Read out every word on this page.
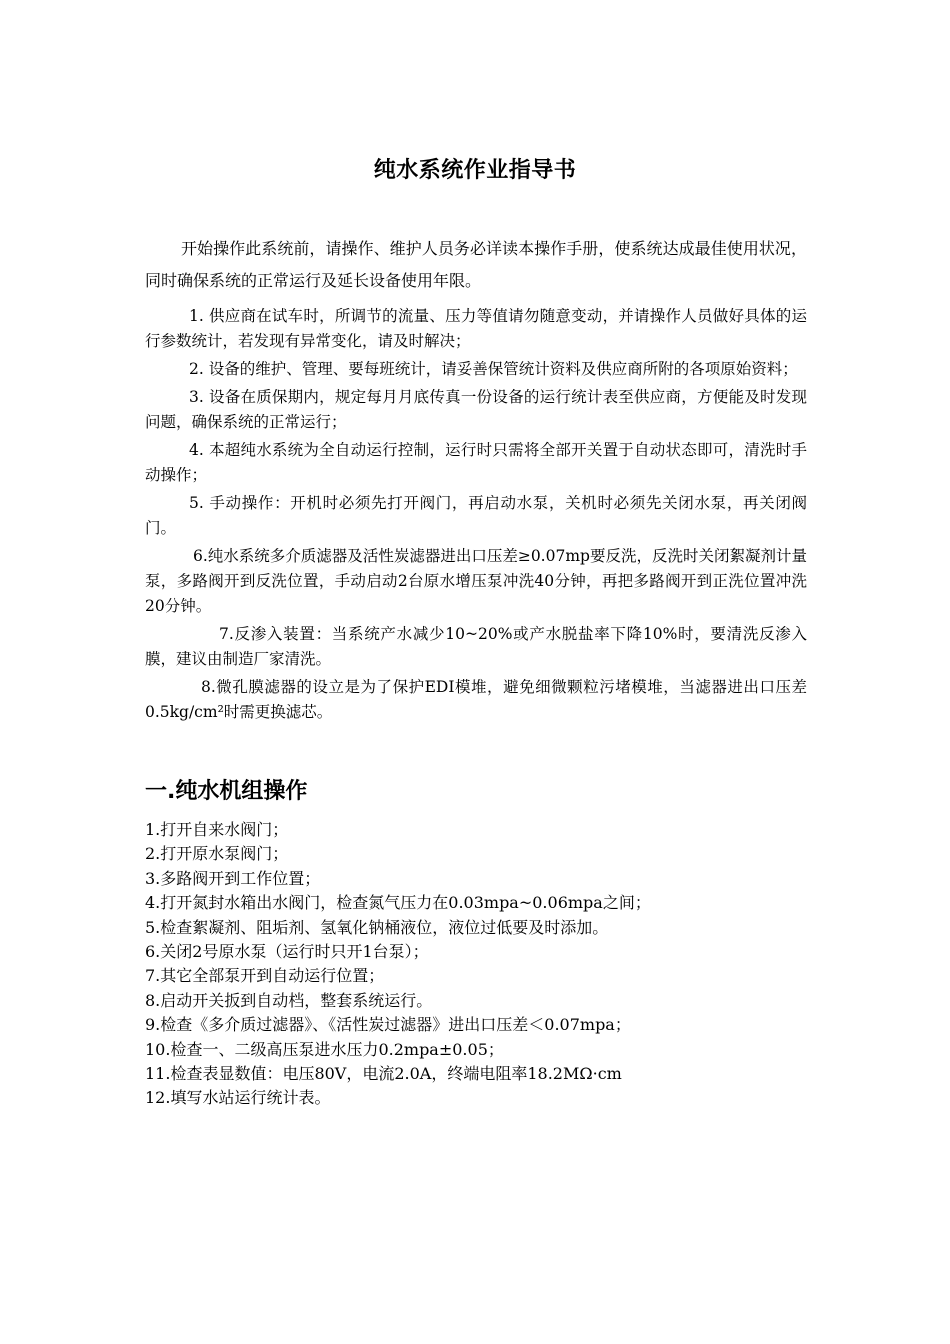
纯水系统作业指导书

开始操作此系统前，请操作、维护人员务必详读本操作手册，使系统达成最佳使用状况，同时确保系统的正常运行及延长设备使用年限。

1. 供应商在试车时，所调节的流量、压力等值请勿随意变动，并请操作人员做好具体的运行参数统计，若发现有异常变化，请及时解决；

2. 设备的维护、管理、要每班统计，请妥善保管统计资料及供应商所附的各项原始资料；

3. 设备在质保期内，规定每月月底传真一份设备的运行统计表至供应商，方便能及时发现问题，确保系统的正常运行；

4. 本超纯水系统为全自动运行控制，运行时只需将全部开关置于自动状态即可，清洗时手动操作；

5. 手动操作：开机时必须先打开阀门，再启动水泵，关机时必须先关闭水泵，再关闭阀门。

6.纯水系统多介质滤器及活性炭滤器进出口压差≥0.07mp要反洗，反洗时关闭絮凝剂计量泵，多路阀开到反洗位置，手动启动2台原水增压泵冲洗40分钟，再把多路阀开到正洗位置冲洗20分钟。

7.反渗入装置：当系统产水减少10~20%或产水脱盐率下降10%时，要清洗反渗入膜，建议由制造厂家清洗。

8.微孔膜滤器的设立是为了保护EDI模堆，避免细微颗粒污堵模堆，当滤器进出口压差0.5kg/cm²时需更换滤芯。

一.纯水机组操作
1.打开自来水阀门；
2.打开原水泵阀门；
3.多路阀开到工作位置；
4.打开氮封水箱出水阀门，检查氮气压力在0.03mpa~0.06mpa之间；
5.检查絮凝剂、阻垢剂、氢氧化钠桶液位，液位过低要及时添加。
6.关闭2号原水泵（运行时只开1台泵）；
7.其它全部泵开到自动运行位置；
8.启动开关扳到自动档，整套系统运行。
9.检查《多介质过滤器》、《活性炭过滤器》进出口压差＜0.07mpa；
10.检查一、二级高压泵进水压力0.2mpa±0.05；
11.检查表显数值：电压80V，电流2.0A，终端电阻率18.2MΩ·cm
12.填写水站运行统计表。
